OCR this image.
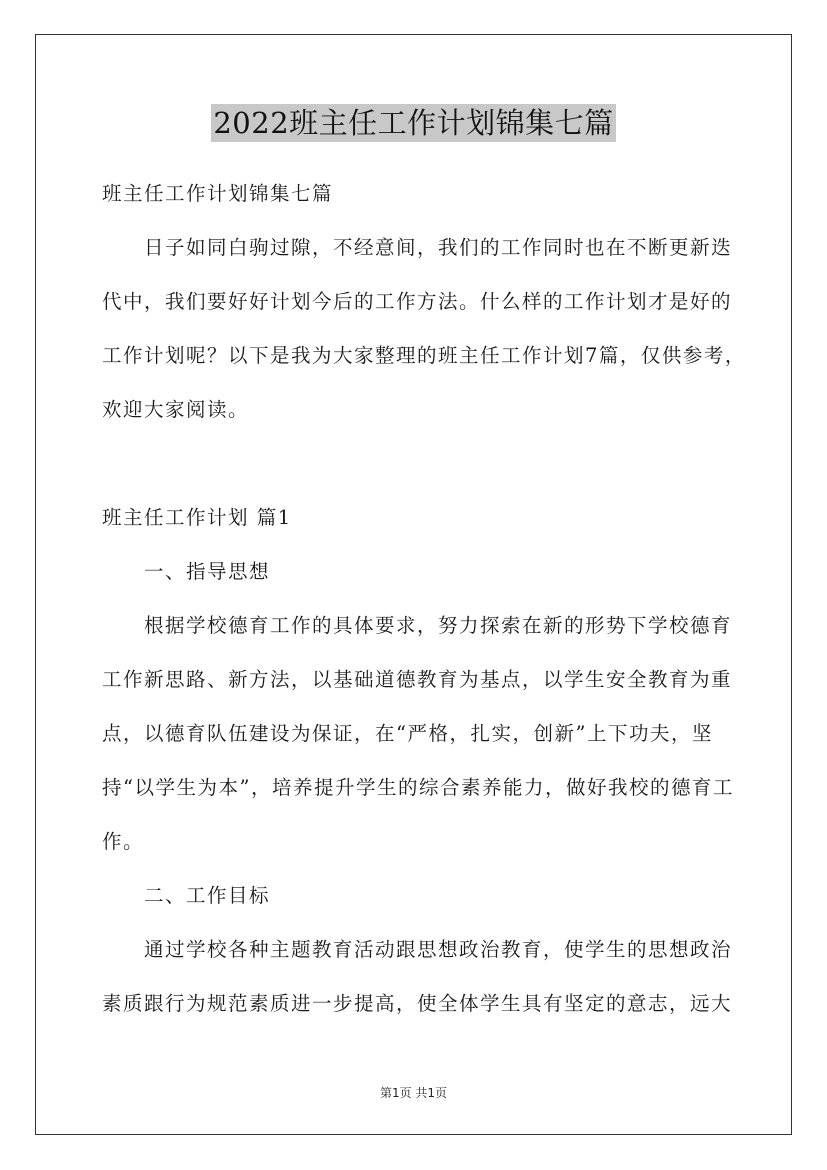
2022班主任工作计划锦集七篇
班主任工作计划锦集七篇
日子如同白驹过隙，不经意间，我们的工作同时也在不断更新迭
代中，我们要好好计划今后的工作方法。什么样的工作计划才是好的
工作计划呢？以下是我为大家整理的班主任工作计划7篇，仅供参考，
欢迎大家阅读。
班主任工作计划 篇1
一、指导思想
根据学校德育工作的具体要求，努力探索在新的形势下学校德育
工作新思路、新方法，以基础道德教育为基点，以学生安全教育为重
点，以德育队伍建设为保证，在“严格，扎实，创新”上下功夫，坚
持“以学生为本”，培养提升学生的综合素养能力，做好我校的德育工
作。
二、工作目标
通过学校各种主题教育活动跟思想政治教育，使学生的思想政治
素质跟行为规范素质进一步提高，使全体学生具有坚定的意志，远大
第1页 共1页
